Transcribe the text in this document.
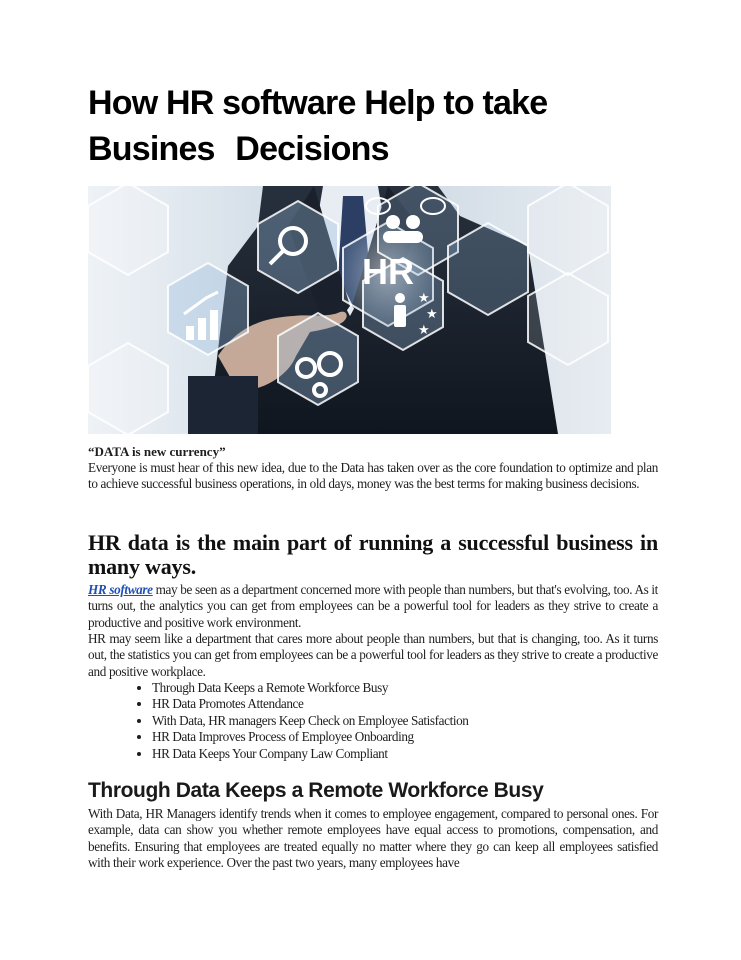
How HR software Help to take
Busines Decisions
HR
★
★
★

“DATA is new currency”

Everyone is must hear of this new idea, due to the Data has taken over as the core foundation to optimize and plan to achieve successful business operations, in old days, money was the best terms for making business decisions.

HR data is the main part of running a successful business in many ways.

HR software may be seen as a department concerned more with people than numbers, but that's evolving, too. As it turns out, the analytics you can get from employees can be a powerful tool for leaders as they strive to create a productive and positive work environment.

HR may seem like a department that cares more about people than numbers, but that is changing, too. As it turns out, the statistics you can get from employees can be a powerful tool for leaders as they strive to create a productive and positive workplace.

• Through Data Keeps a Remote Workforce Busy
• HR Data Promotes Attendance
• With Data, HR managers Keep Check on Employee Satisfaction
• HR Data Improves Process of Employee Onboarding
• HR Data Keeps Your Company Law Compliant
Through Data Keeps a Remote Workforce Busy

With Data, HR Managers identify trends when it comes to employee engagement, compared to personal ones. For example, data can show you whether remote employees have equal access to promotions, compensation, and benefits. Ensuring that employees are treated equally no matter where they go can keep all employees satisfied with their work experience. Over the past two years, many employees have
